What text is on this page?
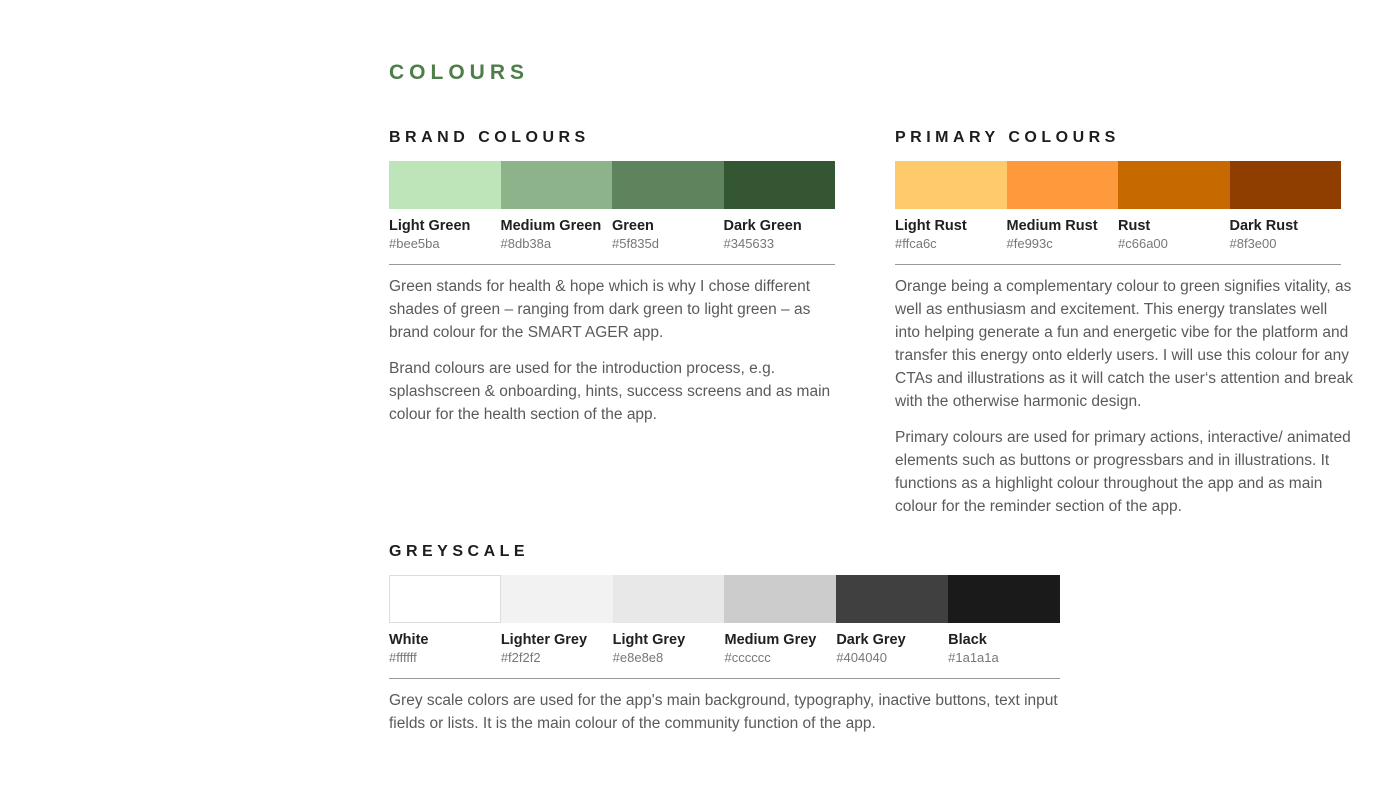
COLOURS
BRAND COLOURS
Light Green
#bee5ba
Medium Green
#8db38a
Green
#5f835d
Dark Green
#345633

Green stands for health & hope which is why I chose different shades of green – ranging from dark green to light green – as brand colour for the SMART AGER app.

Brand colours are used for the introduction process, e.g. splashscreen & onboarding, hints, success screens and as main colour for the health section of the app.

PRIMARY COLOURS
Light Rust
#ffca6c
Medium Rust
#fe993c
Rust
#c66a00
Dark Rust
#8f3e00

Orange being a complementary colour to green signifies vitality, as well as enthusiasm and excitement. This energy translates well into helping generate a fun and energetic vibe for the platform and transfer this energy onto elderly users. I will use this colour for any CTAs and illustrations as it will catch the user‘s attention and break with the otherwise harmonic design.

Primary colours are used for primary actions, interactive/ animated elements such as buttons or progressbars and in illustrations. It functions as a highlight colour throughout the app and as main colour for the reminder section of the app.

GREYSCALE
White
#ffffff
Lighter Grey
#f2f2f2
Light Grey
#e8e8e8
Medium Grey
#cccccc
Dark Grey
#404040
Black
#1a1a1a

Grey scale colors are used for the app's main background, typography, inactive buttons, text input fields or lists. It is the main colour of the community function of the app.
